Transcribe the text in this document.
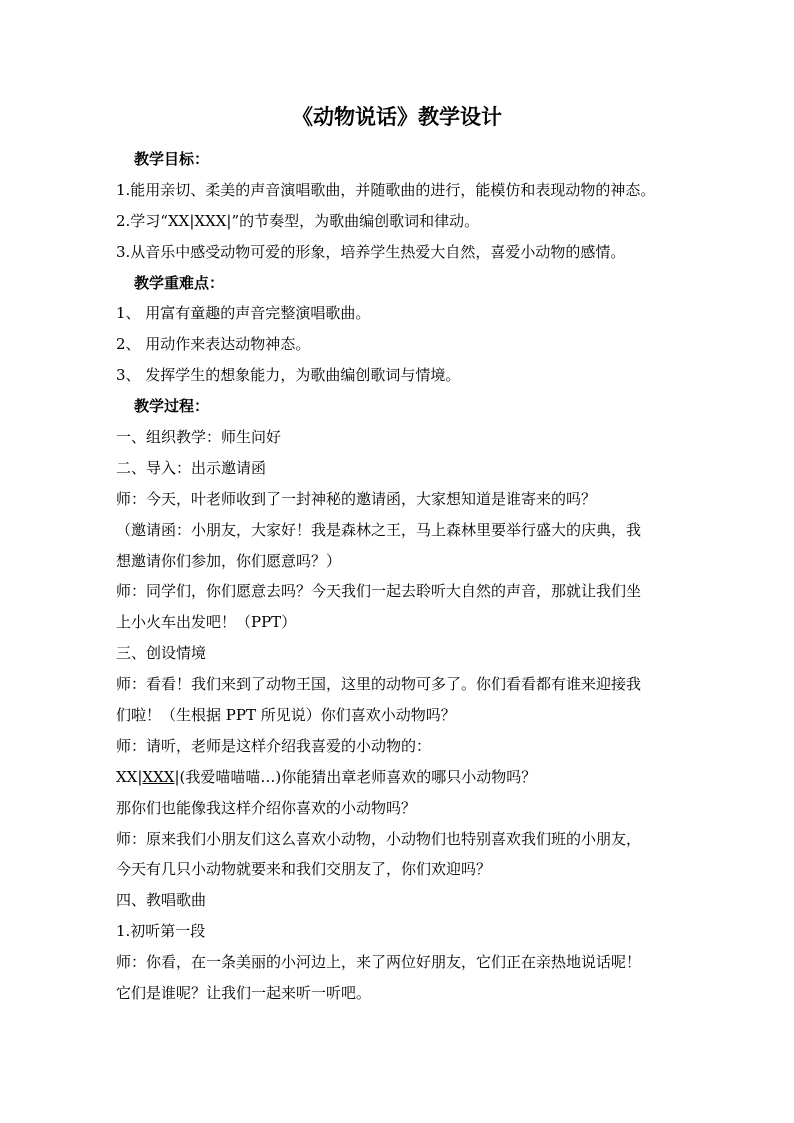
《动物说话》教学设计
教学目标：
1.能用亲切、柔美的声音演唱歌曲，并随歌曲的进行，能模仿和表现动物的神态。
2.学习“XX|XXX|”的节奏型，为歌曲编创歌词和律动。
3.从音乐中感受动物可爱的形象，培养学生热爱大自然，喜爱小动物的感情。
教学重难点：
1、 用富有童趣的声音完整演唱歌曲。
2、 用动作来表达动物神态。
3、 发挥学生的想象能力，为歌曲编创歌词与情境。
教学过程：
一、组织教学：师生问好
二、导入：出示邀请函
师：今天，叶老师收到了一封神秘的邀请函，大家想知道是谁寄来的吗？
（邀请函：小朋友，大家好！我是森林之王，马上森林里要举行盛大的庆典，我
想邀请你们参加，你们愿意吗？）
师：同学们，你们愿意去吗？今天我们一起去聆听大自然的声音，那就让我们坐
上小火车出发吧！（PPT）
三、创设情境
师：看看！我们来到了动物王国，这里的动物可多了。你们看看都有谁来迎接我
们啦！（生根据 PPT 所见说）你们喜欢小动物吗？
师：请听，老师是这样介绍我喜爱的小动物的：
XX|XXX|(我爱喵喵喵…)你能猜出章老师喜欢的哪只小动物吗？
那你们也能像我这样介绍你喜欢的小动物吗？
师：原来我们小朋友们这么喜欢小动物，小动物们也特别喜欢我们班的小朋友，
今天有几只小动物就要来和我们交朋友了，你们欢迎吗？
四、教唱歌曲
1.初听第一段
师：你看，在一条美丽的小河边上，来了两位好朋友，它们正在亲热地说话呢！
它们是谁呢？让我们一起来听一听吧。
